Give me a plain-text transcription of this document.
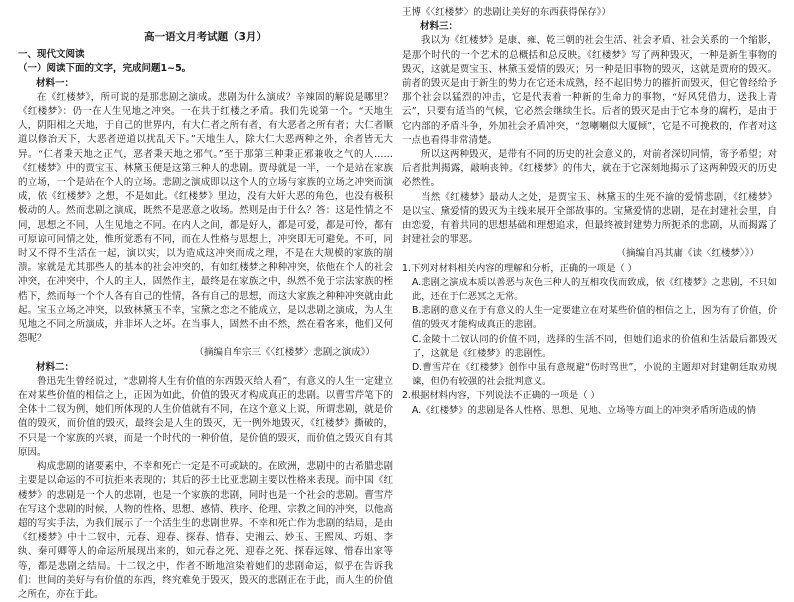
高一语文月考试题（3月）
一、现代文阅读
（一）阅读下面的文字，完成问题1~5。
材料一：

在《红楼梦》，所可说的是那悲剧之演成。悲剧为什么演成？辛辣固的解说是哪里？《红楼梦》：仍一在人生见地之冲突。一在共于红楼之矛盾。我们先说第一个。“天地生人，阴阳相之天地，于自己的世界内，有大仁者之所有者，有大恶者之所有者；大仁者顺道以修治天下，大恶者逆道以扰乱天下。”天地生人，除大仁大恶两种之外，余者皆无大异。“仁者秉天地之正气，恶者秉天地之邪气。”至于那第三种秉正邪兼收之气的人……《红楼梦》中的贾宝玉、林黛玉便是这第三种人的悲剧。贾母就是一半，一个是站在家族的立场，一个是站在个人的立场。悲剧之演成即以这个人的立场与家族的立场之冲突而演成，依《红楼梦》之想，不是如此。《红楼梦》里边，没有大奸大恶的角色，也没有极积极动的人。然而悲剧之演成，既然不是恶意之收场。然则是由于什么？答：这是性情之不同，思想之不同，人生见地之不同。在内人之间，都是好人，都是可爱，都是可怜，都有可原谅可同情之处，惟所觉悉有不同，而在人性格与思想上，冲突即无可避免。不可，同时又不得不生活在一起，演以实，以为造成这冲突而成之理，不是在大规模的家族的崩溃。家就是尤其那些人的基本的社会冲突的，有如红楼梦之种种冲突，依他在个人的社会冲突，在冲突中，个人的主人，固然作主，最终是在家族之中，纵然不免于宗法家族的桎梏下，然而每一个个人各有自己的性情，各有自己的思想，而这大家族之种种冲突就由此起。宝玉立场之冲突，以致林黛玉不幸，宝黛之恋之不能成立，是以悲剧之演成，为人生见地之不同之所演成，并非坏人之坏。在当事人，固然不由不然，然在看客来，他们又何怨呢？

（摘编自牟宗三《〈红楼梦〉悲剧之演成》）

材料二：

鲁迅先生曾经说过，“悲剧将人生有价值的东西毁灭给人看”，有意义的人生一定建立在对某些价值的相信之上，正因为如此，价值的毁灭才构成真正的悲剧。以曹雪芹笔下的全体十二钗为例，她们所体现的人生价值就有不同，在这个意义上说，所谓悲剧，就是价值的毁灭，而价值的毁灭，最终会是人生的毁灭，无一例外地毁灭，《红楼梦》撕破的，不只是一个家族的兴衰，而是一个时代的一种价值，是价值的毁灭，而价值之毁灭自有其原因。

构成悲剧的诸要素中，不幸和死亡一定是不可或缺的。在欧洲，悲剧中的古希腊悲剧主要是以命运的不可抗拒来表现的；其后的莎士比亚悲剧主要以性格来表现。而中国《红楼梦》的悲剧是一个人的悲剧，也是一个家族的悲剧，同时也是一个社会的悲剧。曹雪芹在写这个悲剧的时候，人物的性格、思想、感情、秩序、伦理、宗教之间的冲突，以他高超的写实手法，为我们展示了一个活生生的悲剧世界。不幸和死亡作为悲剧的结局，是由《红楼梦》中十二钗中，元春、迎春、探春、惜春、史湘云、妙玉、王熙凤、巧姐、李纨、秦可卿等人的命运所展现出来的，如元春之死、迎春之死、探春远嫁、惜春出家等等，都是悲剧之结局。十二钗之中，作者不断地渲染着她们的悲剧命运，似乎在告诉我们：世间的美好与有价值的东西，终究难免于毁灭，毁灭的悲剧正在于此，而人生的价值之所在，亦在于此。

王博《〈红楼梦〉的悲剧让美好的东西获得保存》）

材料三：

我以为《红楼梦》是康、雍、乾三朝的社会生活、社会矛盾、社会关系的一个缩影，是那个时代的一个艺术的总概括和总反映。《红楼梦》写了两种毁灭，一种是新生事物的毁灭，这就是贾宝玉、林黛玉爱情的毁灭；另一种是旧事物的毁灭，这就是贾府的毁灭。前者的毁灭是由于新生的势力在它还未成熟，经不起旧势力的摧折而毁灭，但它曾经给予那个社会以猛烈的冲击，它是代表着一种新的生命力的事物，“好风凭借力，送我上青云”，只要有适当的气候，它必然会继续生长。后者的毁灭是由于它本身的腐朽，是由于它内部的矛盾斗争，外加社会矛盾冲突，“忽喇喇似大厦倾”，它是不可挽救的，作者对这一点也看得非常清楚。

所以这两种毁灭，是带有不同的历史的社会意义的，对前者深切同情，寄予希望；对后者批判揭露，敲响丧钟。《红楼梦》的伟大，就在于它深刻地揭示了这两种毁灭的历史必然性。

当然《红楼梦》最动人之处，是贾宝玉、林黛玉的生死不渝的爱情悲剧，《红楼梦》是以宝、黛爱情的毁灭为主线来展开全部故事的。宝黛爱情的悲剧，是在封建社会里，自由恋爱，有着共同的思想基础和理想追求，但最终被封建势力所扼杀的悲剧，从而揭露了封建社会的罪恶。

（摘编自冯其庸《读〈红楼梦〉》）

1.下列对材料相关内容的理解和分析，正确的一项是（ ）
A.悲剧之演成本质以善恶与灰色三种人的互相攻伐而致成，依《红楼梦》之悲剧，不只如此，还在于仁恶冥之无常。
B.悲剧的意义在于有意义的人生一定要建立在对某些价值的相信之上，因为有了价值，价值的毁灭才能构成真正的悲剧。
C.金陵十二钗认同的价值不同，选择的生活不同，但她们追求的价值和生活最后都毁灭了，这就是《红楼梦》的悲剧性。
D.曹雪芹在《红楼梦》创作中虽有意规避“伤时骂世”，小说的主题却对封建朝廷取劝规谏，但仍有较强的社会批判意义。
2.根据材料内容，下列说法不正确的一项是（ ）
A.《红楼梦》的悲剧是各人性格、思想、见地、立场等方面上的冲突矛盾所造成的情
